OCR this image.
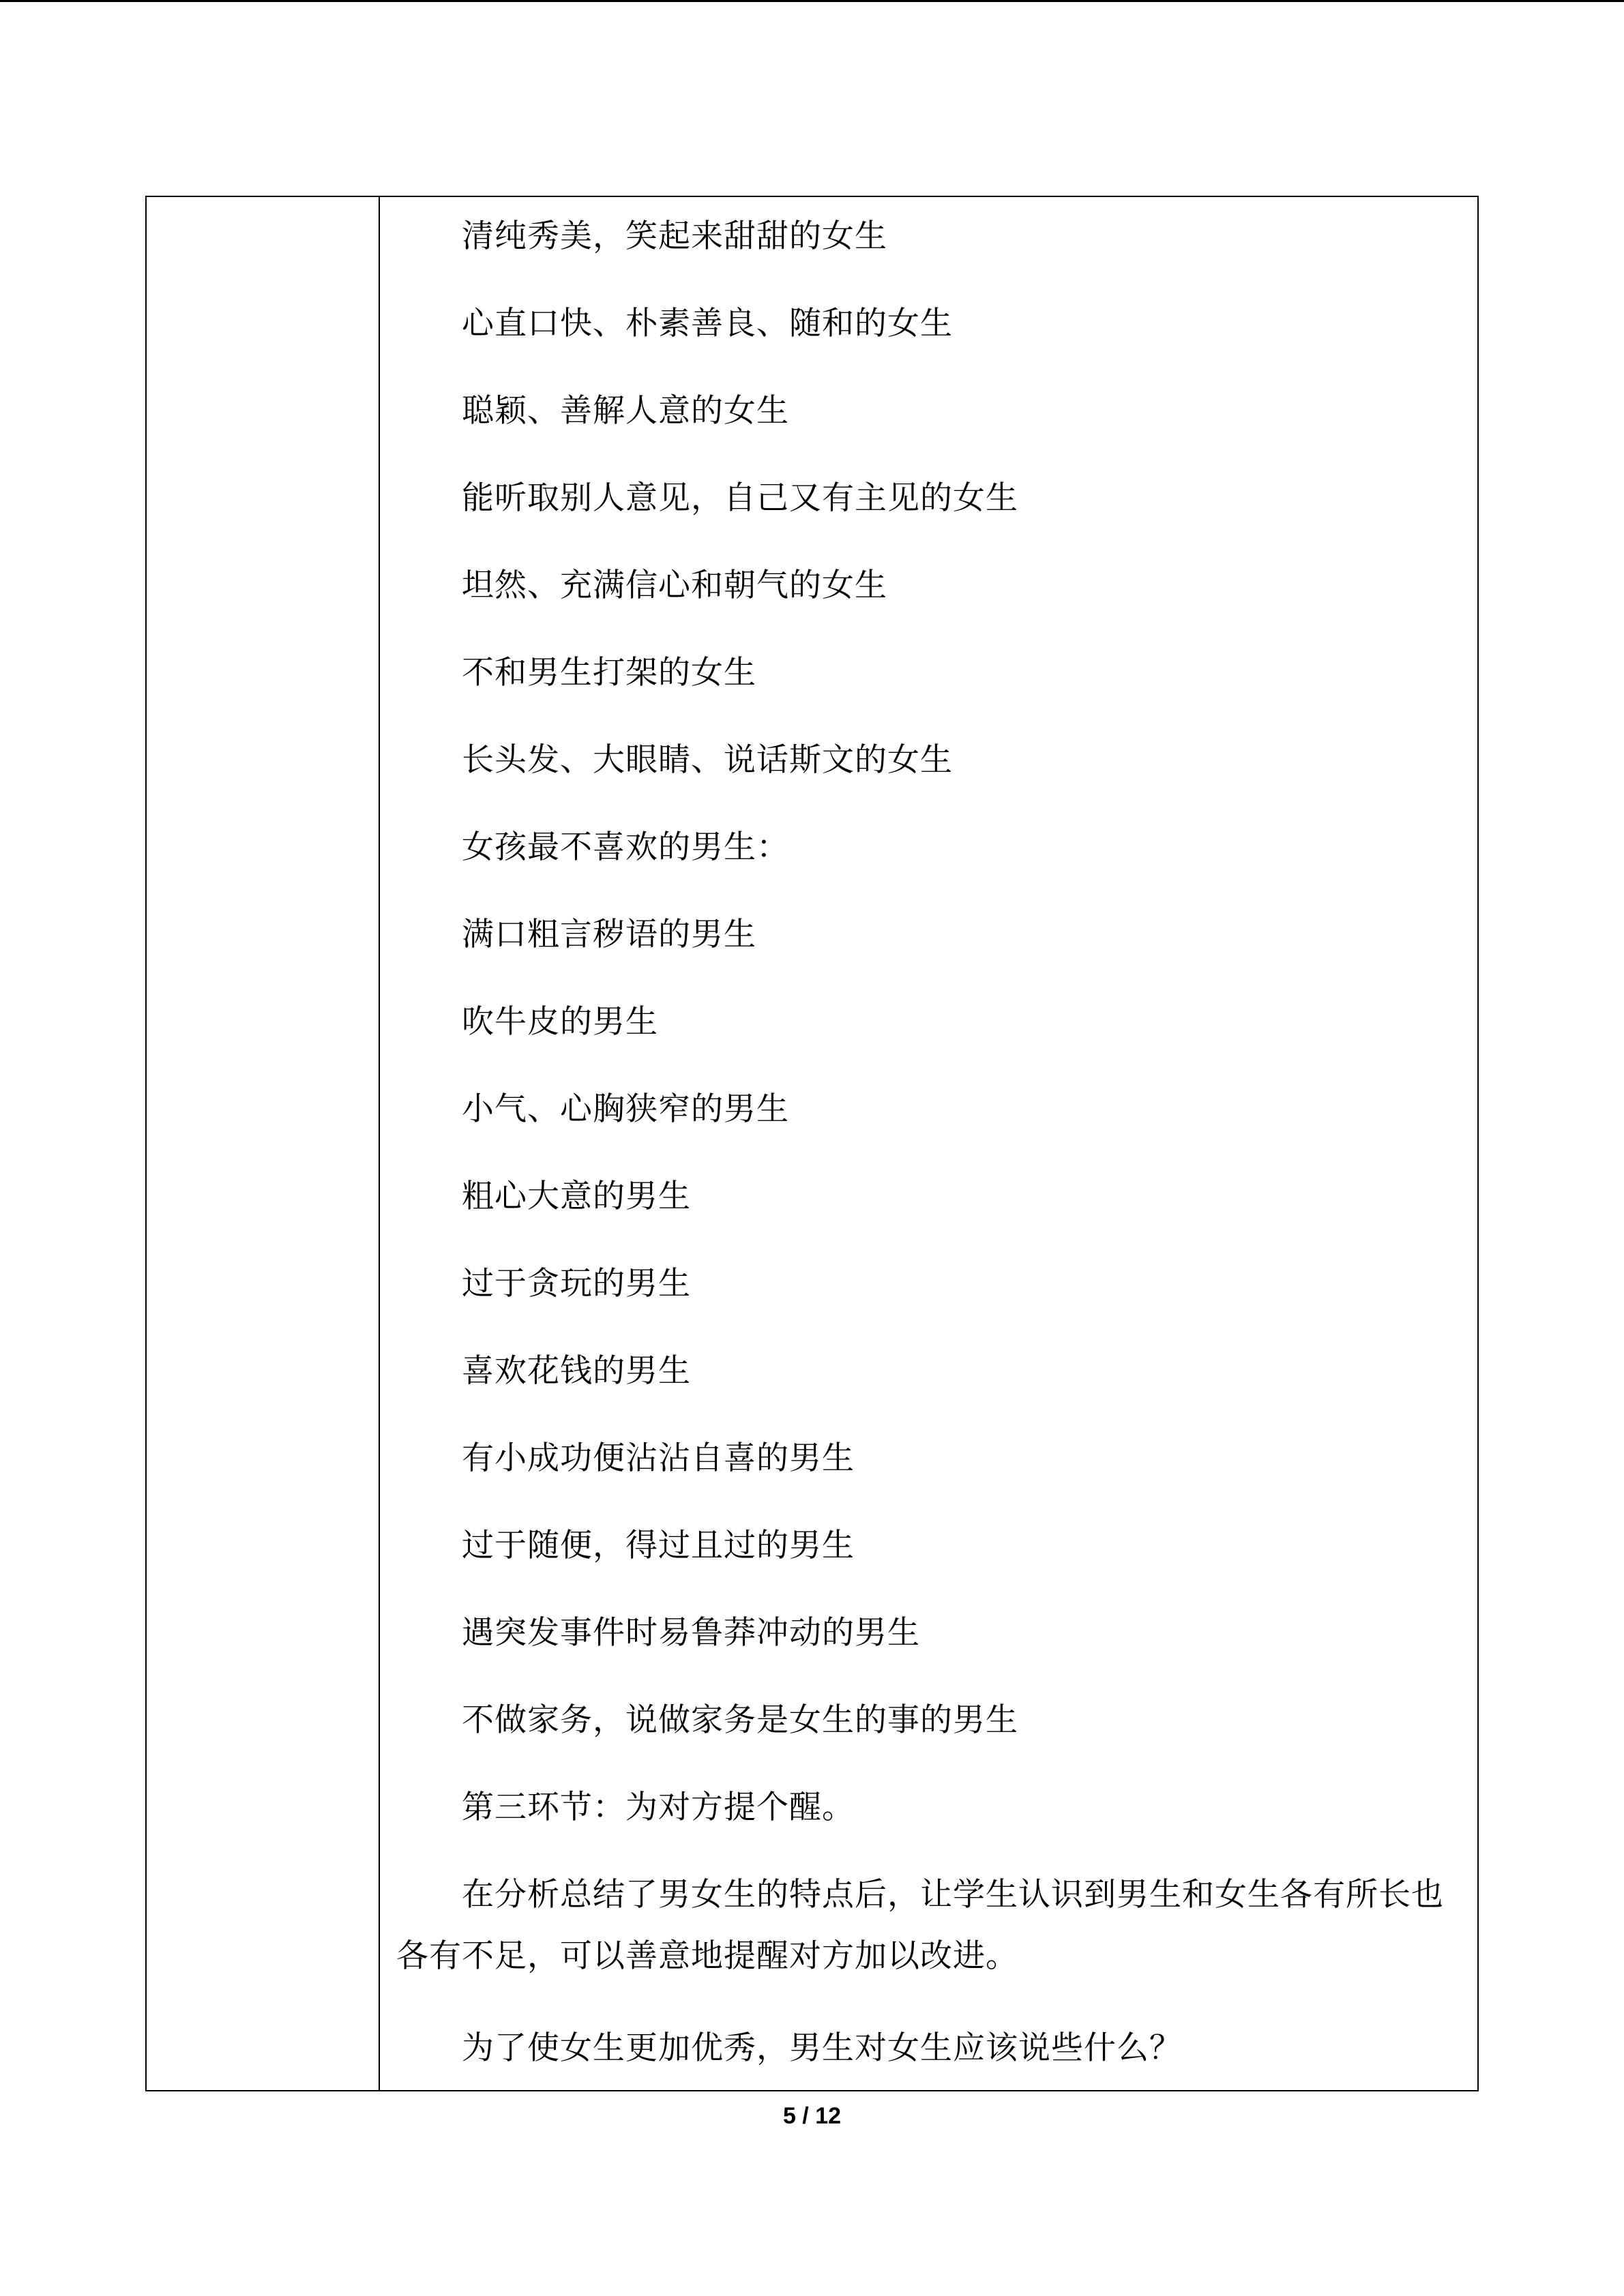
清纯秀美，笑起来甜甜的女生
心直口快、朴素善良、随和的女生
聪颖、善解人意的女生
能听取别人意见，自己又有主见的女生
坦然、充满信心和朝气的女生
不和男生打架的女生
长头发、大眼睛、说话斯文的女生
女孩最不喜欢的男生：
满口粗言秽语的男生
吹牛皮的男生
小气、心胸狭窄的男生
粗心大意的男生
过于贪玩的男生
喜欢花钱的男生
有小成功便沾沾自喜的男生
过于随便，得过且过的男生
遇突发事件时易鲁莽冲动的男生
不做家务，说做家务是女生的事的男生
第三环节：为对方提个醒。
在分析总结了男女生的特点后，让学生认识到男生和女生各有所长也
各有不足，可以善意地提醒对方加以改进。
为了使女生更加优秀，男生对女生应该说些什么？
5 / 12
